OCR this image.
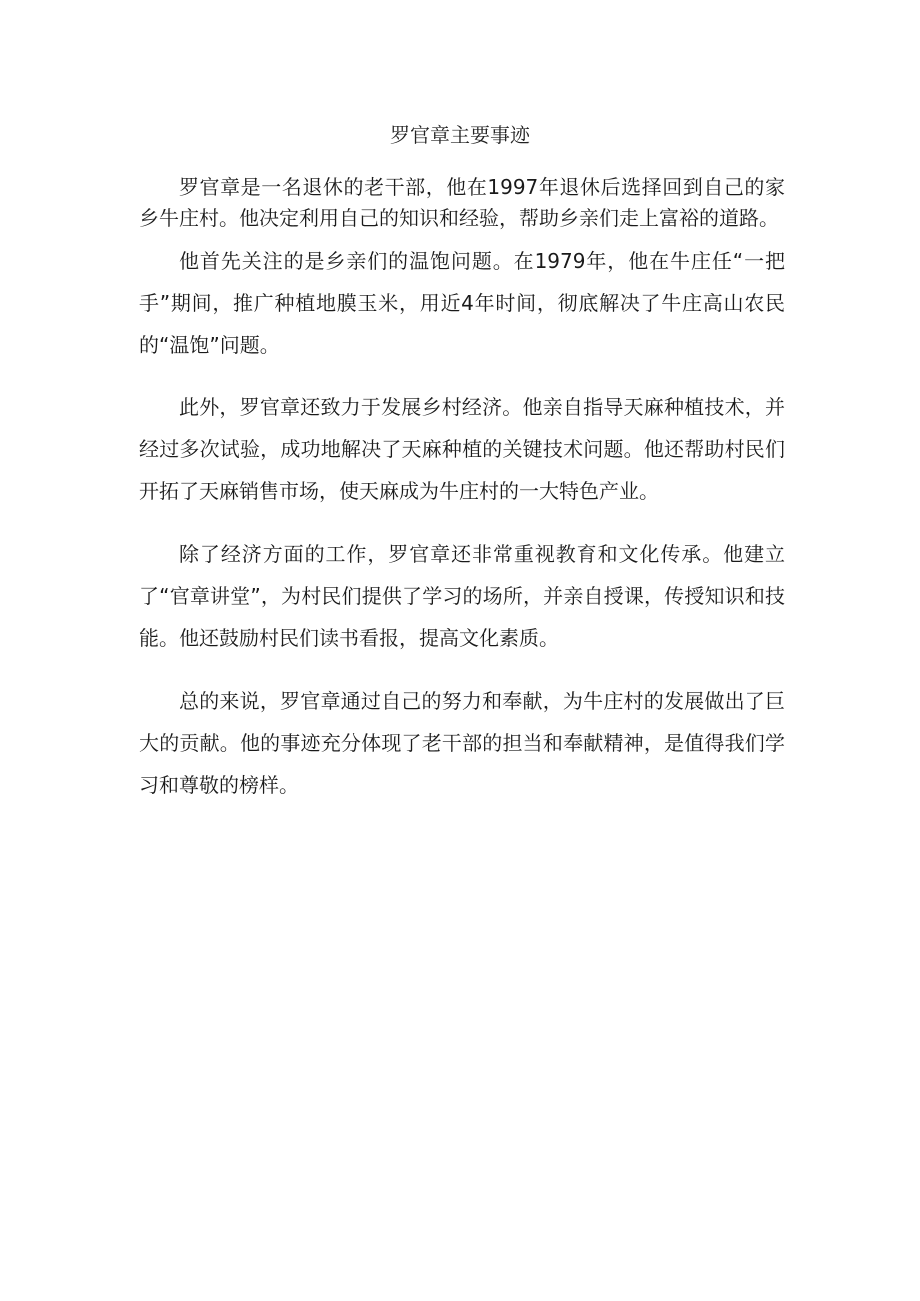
罗官章主要事迹

罗官章是一名退休的老干部，他在1997年退休后选择回到自己的家乡牛庄村。他决定利用自己的知识和经验，帮助乡亲们走上富裕的道路。

他首先关注的是乡亲们的温饱问题。在1979年，他在牛庄任“一把手”期间，推广种植地膜玉米，用近4年时间，彻底解决了牛庄高山农民的“温饱”问题。

此外，罗官章还致力于发展乡村经济。他亲自指导天麻种植技术，并经过多次试验，成功地解决了天麻种植的关键技术问题。他还帮助村民们开拓了天麻销售市场，使天麻成为牛庄村的一大特色产业。

除了经济方面的工作，罗官章还非常重视教育和文化传承。他建立了“官章讲堂”，为村民们提供了学习的场所，并亲自授课，传授知识和技能。他还鼓励村民们读书看报，提高文化素质。

总的来说，罗官章通过自己的努力和奉献，为牛庄村的发展做出了巨大的贡献。他的事迹充分体现了老干部的担当和奉献精神，是值得我们学习和尊敬的榜样。
